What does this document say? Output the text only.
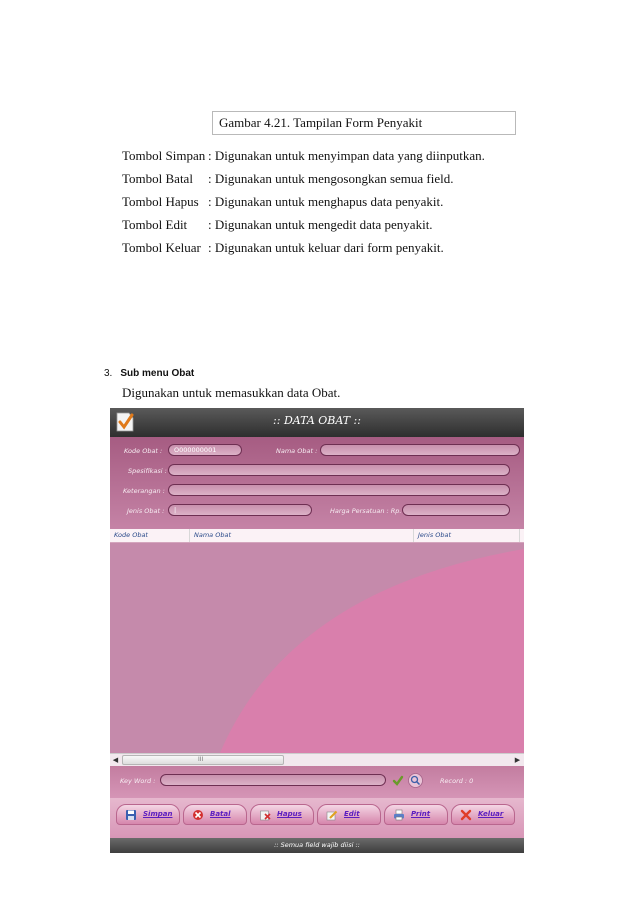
Gambar 4.21. Tampilan Form Penyakit
Tombol Simpan : Digunakan untuk menyimpan data yang diinputkan.
Tombol Batal : Digunakan untuk mengosongkan semua field.
Tombol Hapus : Digunakan untuk menghapus data penyakit.
Tombol Edit : Digunakan untuk mengedit data penyakit.
Tombol Keluar : Digunakan untuk keluar dari form penyakit.
3. Sub menu Obat
Digunakan untuk memasukkan data Obat.
:: DATA OBAT ::
Kode Obat :	O000000001	Nama Obat :
Spesifikasi :
Keterangan :
Jenis Obat :	|	Harga Persatuan : Rp.
Kode Obat	Nama Obat	Jenis Obat
◀	III	▶
Key Word :	Record : 0
Simpan	Batal	Hapus	Edit	Print	Keluar
:: Semua field wajib diisi ::
